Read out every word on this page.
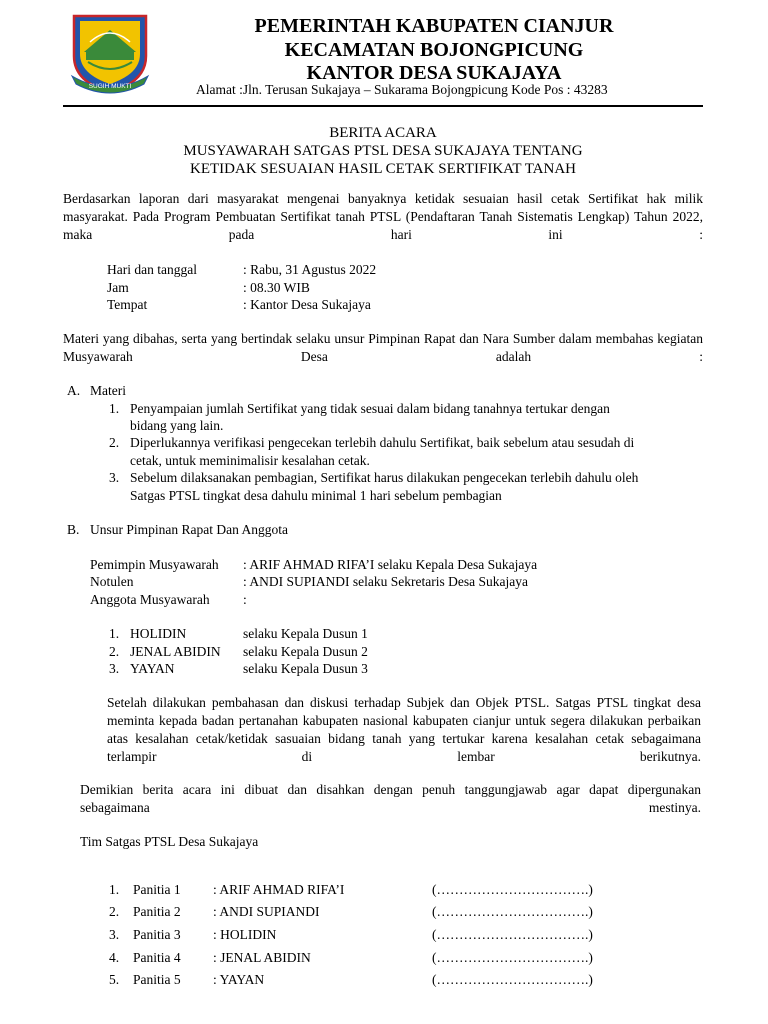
SUGIH MUKTI
PEMERINTAH KABUPATEN CIANJUR
KECAMATAN BOJONGPICUNG
KANTOR DESA SUKAJAYA
Alamat :Jln. Terusan Sukajaya – Sukarama Bojongpicung Kode Pos : 43283
BERITA ACARA
MUSYAWARAH SATGAS PTSL DESA SUKAJAYA TENTANG
KETIDAK SESUAIAN HASIL CETAK SERTIFIKAT TANAH
Berdasarkan laporan dari masyarakat mengenai banyaknya ketidak sesuaian hasil cetak Sertifikat hak milik masyarakat. Pada Program Pembuatan Sertifikat tanah PTSL (Pendaftaran Tanah Sistematis Lengkap) Tahun 2022, maka pada hari ini :
Hari dan tanggal	: Rabu, 31 Agustus 2022
Jam	: 08.30 WIB
Tempat	: Kantor Desa Sukajaya
Materi yang dibahas, serta yang bertindak selaku unsur Pimpinan Rapat dan Nara Sumber dalam membahas kegiatan Musyawarah Desa adalah :
A. Materi
1. Penyampaian jumlah Sertifikat yang tidak sesuai dalam bidang tanahnya tertukar dengan
bidang yang lain.
2. Diperlukannya verifikasi pengecekan terlebih dahulu Sertifikat, baik sebelum atau sesudah di
cetak, untuk meminimalisir kesalahan cetak.
3. Sebelum dilaksanakan pembagian, Sertifikat harus dilakukan pengecekan terlebih dahulu oleh
Satgas PTSL tingkat desa dahulu minimal 1 hari sebelum pembagian
B. Unsur Pimpinan Rapat Dan Anggota
Pemimpin Musyawarah : ARIF AHMAD RIFA’I selaku Kepala Desa Sukajaya
Notulen	: ANDI SUPIANDI selaku Sekretaris Desa Sukajaya
Anggota Musyawarah :
1. HOLIDIN	selaku Kepala Dusun 1
2. JENAL ABIDIN selaku Kepala Dusun 2
3. YAYAN	selaku Kepala Dusun 3
Setelah dilakukan pembahasan dan diskusi terhadap Subjek dan Objek PTSL. Satgas PTSL tingkat desa meminta kepada badan pertanahan kabupaten nasional kabupaten cianjur untuk segera dilakukan perbaikan atas kesalahan cetak/ketidak sasuaian bidang tanah yang tertukar karena kesalahan cetak sebagaimana terlampir di lembar berikutnya.
Demikian berita acara ini dibuat dan disahkan dengan penuh tanggungjawab agar dapat dipergunakan sebagaimana mestinya.
Tim Satgas PTSL Desa Sukajaya
1. Panitia 1 : ARIF AHMAD RIFA’I	(…………………………….)
2. Panitia 2 : ANDI SUPIANDI	(…………………………….)
3. Panitia 3 : HOLIDIN	(…………………………….)
4. Panitia 4 : JENAL ABIDIN	(…………………………….)
5. Panitia 5 : YAYAN	(…………………………….)
